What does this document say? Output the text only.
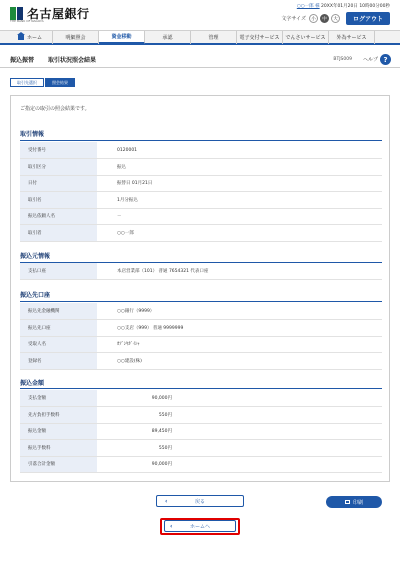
名古屋銀行
THE BANK OF NAGOYA
○○一郎 様 20XX年01月20日 10時00分00秒
文字サイズ	小	中	大	ログアウト
ホーム	明細照会	資金移動	承認	管理	電子交付サービス	でんさいサービス	外為サービス
振込振替 取引状況照会結果	BTJS009 ヘルプ ?
取引先選択	照会結果
ご指定の取引の照会結果です。
取引情報
受付番号	0120001
取引区分	振込
日付	振替日 01月21日
取引名	1月分振込
振込依頼人名	－
取引者	○○一郎
振込元情報
支払口座	本店営業部（101） 普通 7654321 代表口座
振込先口座
振込先金融機関	○○銀行（9999）
振込先口座	○○支店（999） 普通 9999999
受取人名	ｶﾌﾞｼｷｶﾞｲｼｬ
登録名	○○建設(株)
振込金額
支払金額	90,000円
先方負担手数料	550円
振込金額	89,450円
振込手数料	550円
引落合計金額	90,000円
‹	戻る	印刷
‹	ホームへ
